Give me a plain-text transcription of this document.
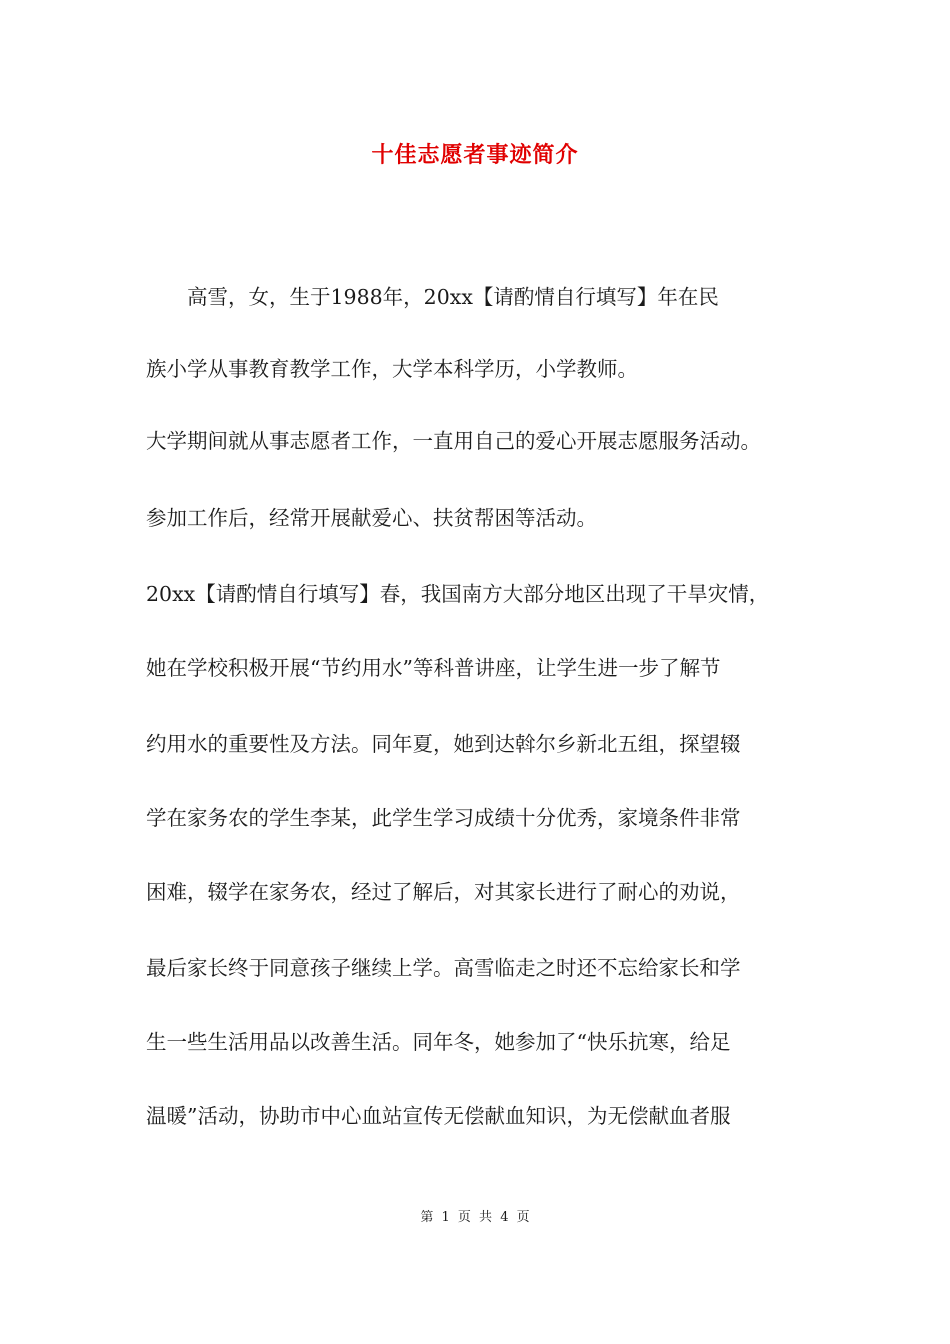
十佳志愿者事迹简介
　　高雪，女，生于1988年，20xx【请酌情自行填写】年在民
族小学从事教育教学工作，大学本科学历，小学教师。
大学期间就从事志愿者工作，一直用自己的爱心开展志愿服务活动。
参加工作后，经常开展献爱心、扶贫帮困等活动。
20xx【请酌情自行填写】春，我国南方大部分地区出现了干旱灾情，
她在学校积极开展“节约用水”等科普讲座，让学生进一步了解节
约用水的重要性及方法。同年夏，她到达斡尔乡新北五组，探望辍
学在家务农的学生李某，此学生学习成绩十分优秀，家境条件非常
困难，辍学在家务农，经过了解后，对其家长进行了耐心的劝说，
最后家长终于同意孩子继续上学。高雪临走之时还不忘给家长和学
生一些生活用品以改善生活。同年冬，她参加了“快乐抗寒，给足
温暖”活动，协助市中心血站宣传无偿献血知识，为无偿献血者服
第 1 页 共 4 页
